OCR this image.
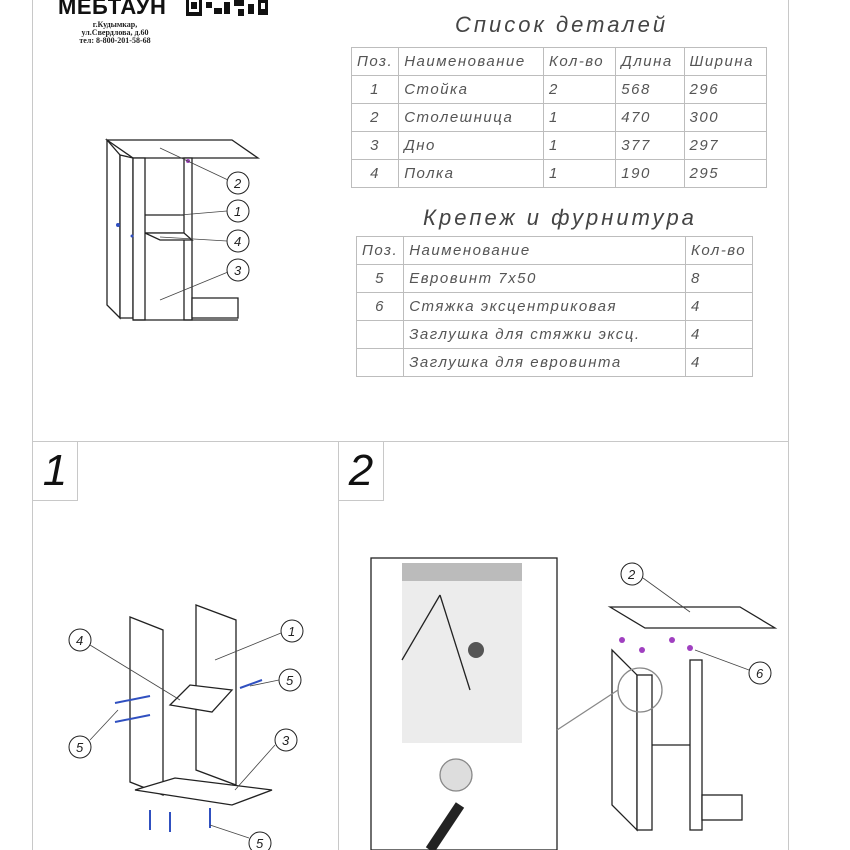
МЕБТАУН
г.Кудымкар,
ул.Свердлова, д.60
тел: 8-800-201-58-68
Список деталей
Поз.	Наименование	Кол-во	Длина	Ширина
1	Стойка	2	568	296
2	Столешница	1	470	300
3	Дно	1	377	297
4	Полка	1	190	295
Крепеж и фурнитура
Поз.	Наименование	Кол-во
5	Евровинт 7х50	8
6	Стяжка эксцентриковая	4
	Заглушка для стяжки эксц.	4
	Заглушка для евровинта	4
1	2
2
1
4
3
4
1
5
5	3
5
2
6
